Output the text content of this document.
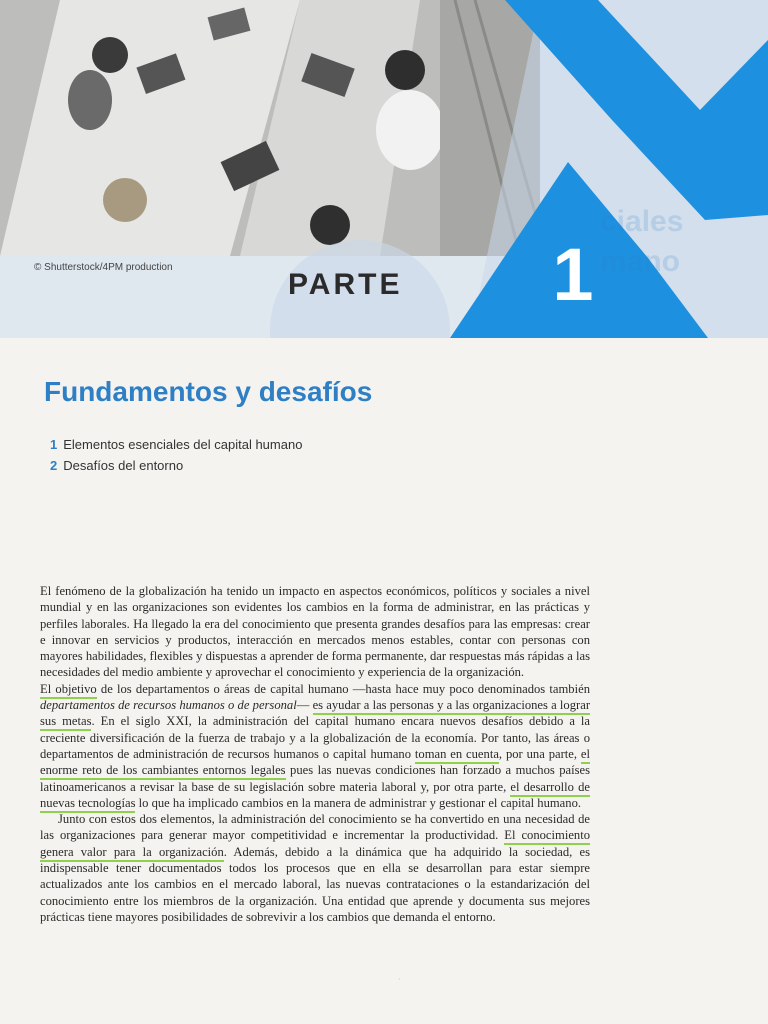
ciales
mano
© Shutterstock/4PM production
PARTE 1
Fundamentos y desafíos
1 Elementos esenciales del capital humano
2 Desafíos del entorno

El fenómeno de la globalización ha tenido un impacto en aspectos económicos, políticos y sociales a nivel mundial y en las organizaciones son evidentes los cambios en la forma de administrar, en las prácticas y perfiles laborales. Ha llegado la era del conocimiento que presenta grandes desafíos para las empresas: crear e innovar en servicios y productos, interacción en mercados menos estables, contar con personas con mayores habilidades, flexibles y dispuestas a aprender de forma permanente, dar respuestas más rápidas a las necesidades del medio ambiente y aprovechar el conocimiento y experiencia de la organización.

El objetivo de los departamentos o áreas de capital humano —hasta hace muy poco denominados también departamentos de recursos humanos o de personal— es ayudar a las personas y a las organizaciones a lograr sus metas. En el siglo XXI, la administración del capital humano encara nuevos desafíos debido a la creciente diversificación de la fuerza de trabajo y a la globalización de la economía. Por tanto, las áreas o departamentos de administración de recursos humanos o capital humano toman en cuenta, por una parte, el enorme reto de los cambiantes entornos legales pues las nuevas condiciones han forzado a muchos países latinoamericanos a revisar la base de su legislación sobre materia laboral y, por otra parte, el desarrollo de nuevas tecnologías lo que ha implicado cambios en la manera de administrar y gestionar el capital humano.

Junto con estos dos elementos, la administración del conocimiento se ha convertido en una necesidad de las organizaciones para generar mayor competitividad e incrementar la productividad. El conocimiento genera valor para la organización. Además, debido a la dinámica que ha adquirido la sociedad, es indispensable tener documentados todos los procesos que en ella se desarrollan para estar siempre actualizados ante los cambios en el mercado laboral, las nuevas contrataciones o la estandarización del conocimiento entre los miembros de la organización. Una entidad que aprende y documenta sus mejores prácticas tiene mayores posibilidades de sobrevivir a los cambios que demanda el entorno.

·
